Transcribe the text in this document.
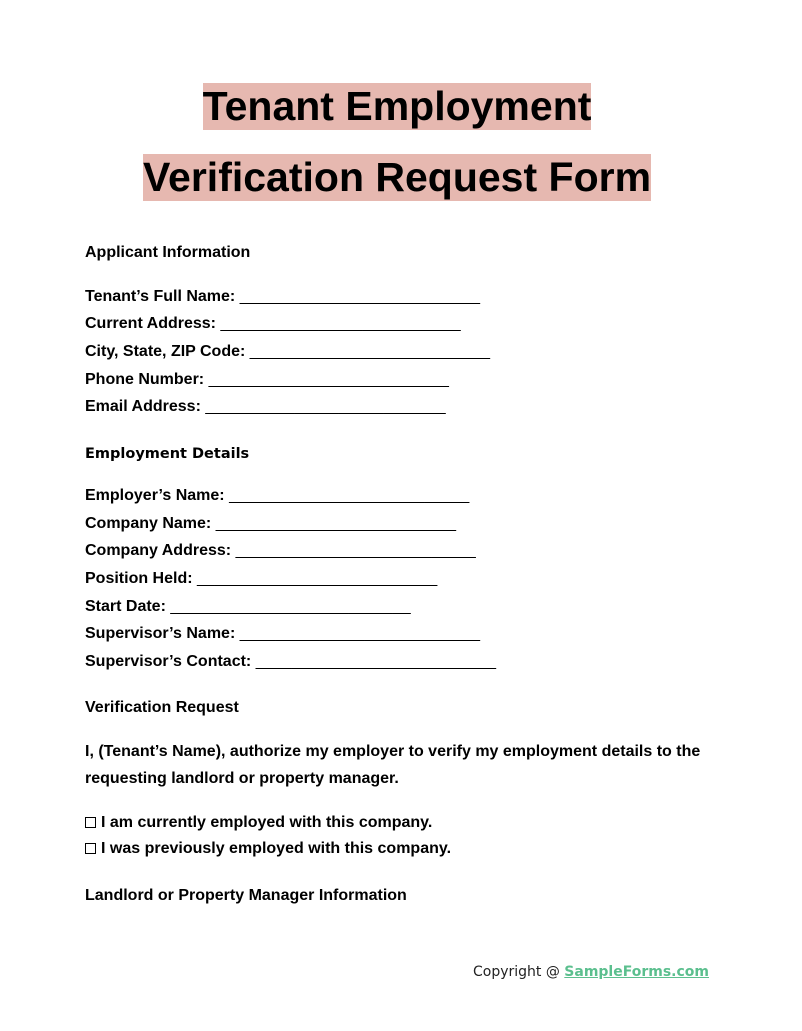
Tenant Employment
Verification Request Form
Applicant Information
Tenant’s Full Name: ___________________________
Current Address: ___________________________
City, State, ZIP Code: ___________________________
Phone Number: ___________________________
Email Address: ___________________________
Employment Details
Employer’s Name: ___________________________
Company Name: ___________________________
Company Address: ___________________________
Position Held: ___________________________
Start Date: ___________________________
Supervisor’s Name: ___________________________
Supervisor’s Contact: ___________________________
Verification Request
I, (Tenant’s Name), authorize my employer to verify my employment details to the requesting landlord or property manager.
I am currently employed with this company.
I was previously employed with this company.
Landlord or Property Manager Information
Copyright @ SampleForms.com
